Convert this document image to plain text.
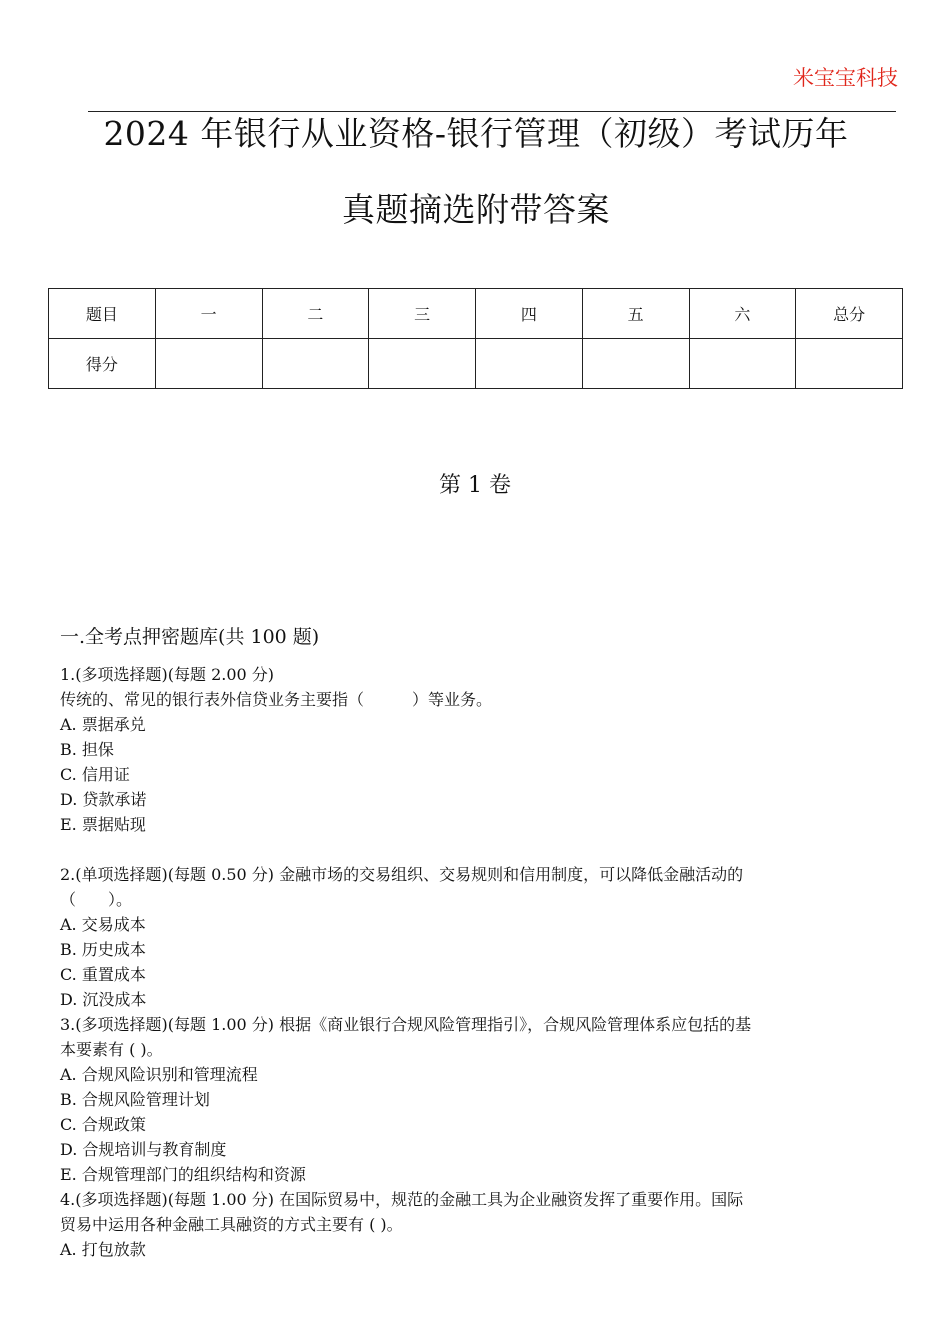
米宝宝科技
2024 年银行从业资格-银行管理（初级）考试历年
真题摘选附带答案
题目	一	二	三	四	五	六	总分
得分							
第 1 卷
一.全考点押密题库(共 100 题)
1.(多项选择题)(每题 2.00 分)
传统的、常见的银行表外信贷业务主要指（　　　）等业务。
A. 票据承兑
B. 担保
C. 信用证
D. 贷款承诺
E. 票据贴现
2.(单项选择题)(每题 0.50 分) 金融市场的交易组织、交易规则和信用制度，可以降低金融活动的
（　　）。
A. 交易成本
B. 历史成本
C. 重置成本
D. 沉没成本
3.(多项选择题)(每题 1.00 分) 根据《商业银行合规风险管理指引》，合规风险管理体系应包括的基
本要素有 ( )。
A. 合规风险识别和管理流程
B. 合规风险管理计划
C. 合规政策
D. 合规培训与教育制度
E. 合规管理部门的组织结构和资源
4.(多项选择题)(每题 1.00 分) 在国际贸易中，规范的金融工具为企业融资发挥了重要作用。国际
贸易中运用各种金融工具融资的方式主要有 ( )。
A. 打包放款
